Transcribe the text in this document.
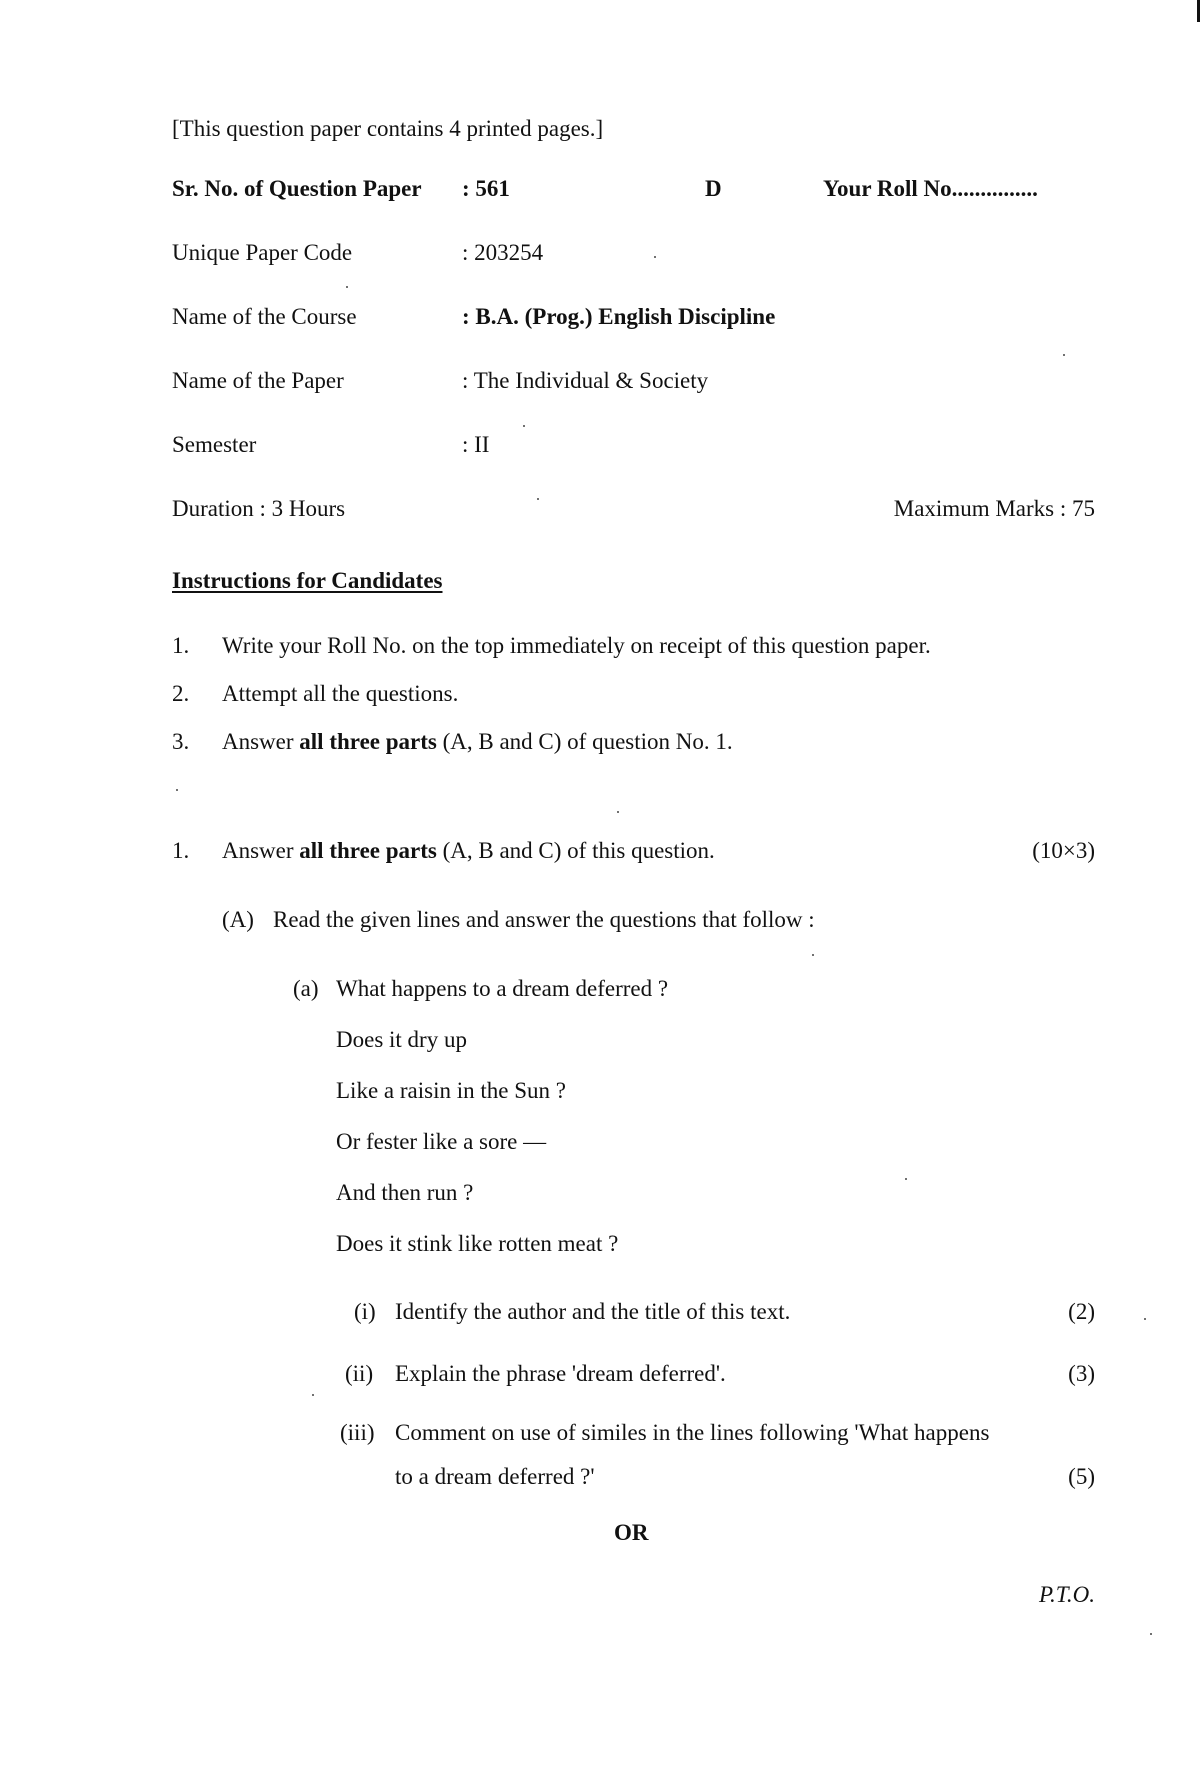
[This question paper contains 4 printed pages.]
Sr. No. of Question Paper : 561	D	Your Roll No...............
Unique Paper Code	: 203254
Name of the Course	: B.A. (Prog.) English Discipline
Name of the Paper	: The Individual & Society
Semester	: II
Duration : 3 Hours	Maximum Marks : 75
Instructions for Candidates
1. Write your Roll No. on the top immediately on receipt of this question paper.
2. Attempt all the questions.
3. Answer all three parts (A, B and C) of question No. 1.
1. Answer all three parts (A, B and C) of this question.	(10×3)
(A) Read the given lines and answer the questions that follow :
(a) What happens to a dream deferred ?
Does it dry up
Like a raisin in the Sun ?
Or fester like a sore —
And then run ?
Does it stink like rotten meat ?
(i) Identify the author and the title of this text.	(2)
(ii) Explain the phrase 'dream deferred'.	(3)
(iii) Comment on use of similes in the lines following 'What happens
to a dream deferred ?'	(5)
OR
P.T.O.
